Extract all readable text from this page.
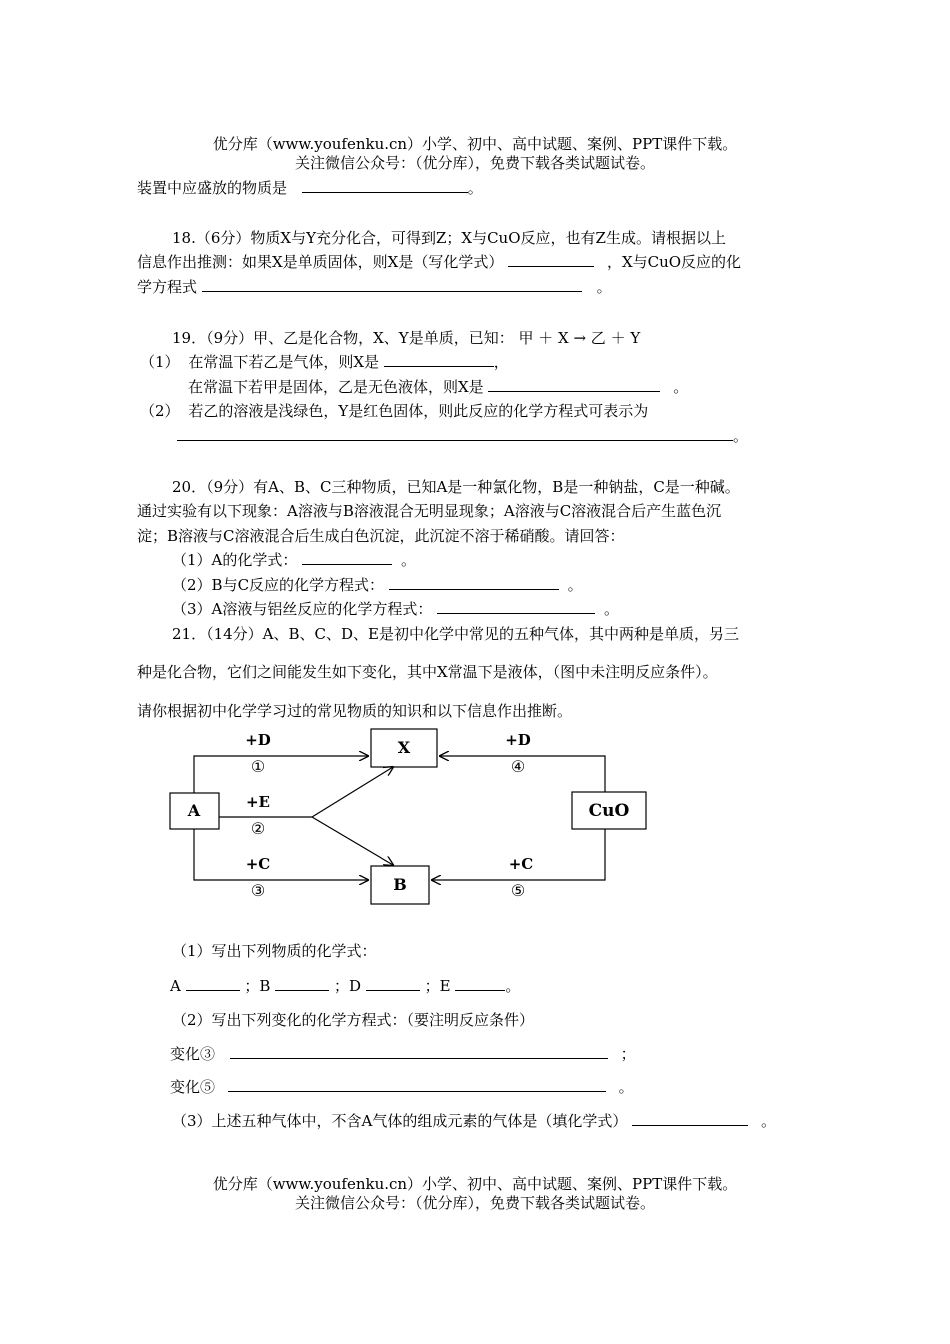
优分库（www.youfenku.cn）小学、初中、高中试题、案例、PPT课件下载。
关注微信公众号：（优分库），免费下载各类试题试卷。
装置中应盛放的物质是	。
18.（6分）物质X与Y充分化合，可得到Z；X与CuO反应，也有Z生成。请根据以上
信息作出推测：如果X是单质固体，则X是（写化学式）	，X与CuO反应的化
学方程式	。
19．（9分）甲、乙是化合物，X、Y是单质，已知： 甲 ＋ X → 乙 ＋ Y
（1） 在常温下若乙是气体，则X是	，
在常温下若甲是固体，乙是无色液体，则X是	。
（2） 若乙的溶液是浅绿色，Y是红色固体，则此反应的化学方程式可表示为
。
20．（9分）有A、B、C三种物质，已知A是一种氯化物，B是一种钠盐，C是一种碱。
通过实验有以下现象：A溶液与B溶液混合无明显现象；A溶液与C溶液混合后产生蓝色沉
淀；B溶液与C溶液混合后生成白色沉淀，此沉淀不溶于稀硝酸。请回答：
（1）A的化学式：	。
（2）B与C反应的化学方程式：	。
（3）A溶液与铝丝反应的化学方程式：	。
21．（14分）A、B、C、D、E是初中化学中常见的五种气体，其中两种是单质，另三
种是化合物，它们之间能发生如下变化，其中X常温下是液体，（图中未注明反应条件）。
请你根据初中化学学习过的常见物质的知识和以下信息作出推断。
A
X
B
CuO
+D
+E
+C
+D
+C
①
②
③
④
⑤
（1）写出下列物质的化学式：
A	；B	；D	；E	。
（2）写出下列变化的化学方程式：（要注明反应条件）
变化③	；
变化⑤	。
（3）上述五种气体中，不含A气体的组成元素的气体是（填化学式）	。
优分库（www.youfenku.cn）小学、初中、高中试题、案例、PPT课件下载。
关注微信公众号：（优分库），免费下载各类试题试卷。
